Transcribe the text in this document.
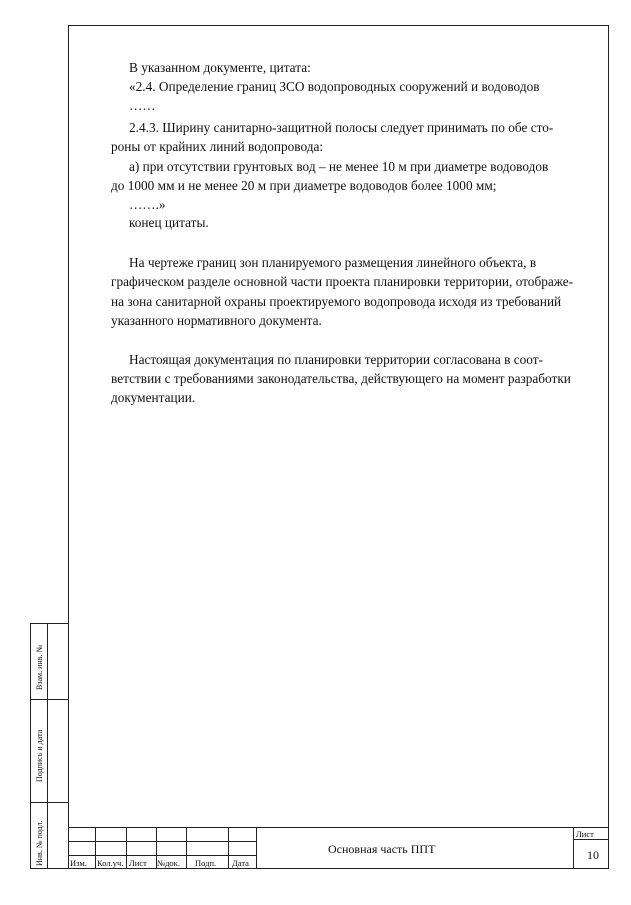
В указанном документе, цитата:
«2.4. Определение границ ЗСО водопроводных сооружений и водоводов
……
2.4.3. Ширину санитарно-защитной полосы следует принимать по обе сто-
роны от крайних линий водопровода:
а) при отсутствии грунтовых вод – не менее 10 м при диаметре водоводов
до 1000 мм и не менее 20 м при диаметре водоводов более 1000 мм;
…….»
конец цитаты.
На чертеже границ зон планируемого размещения линейного объекта, в
графическом разделе основной части проекта планировки территории, отображе-
на зона санитарной охраны проектируемого водопровода исходя из требований
указанного нормативного документа.
Настоящая документация по планировки территории согласована в соот-
ветствии с требованиями законодательства, действующего на момент разработки
документации.
Взам. инв. №
Подпись и дата
Инв. № подл.	Изм. Кол.уч. Лист №док. Подп. Дата
Основная часть ППТ
Лист
10
